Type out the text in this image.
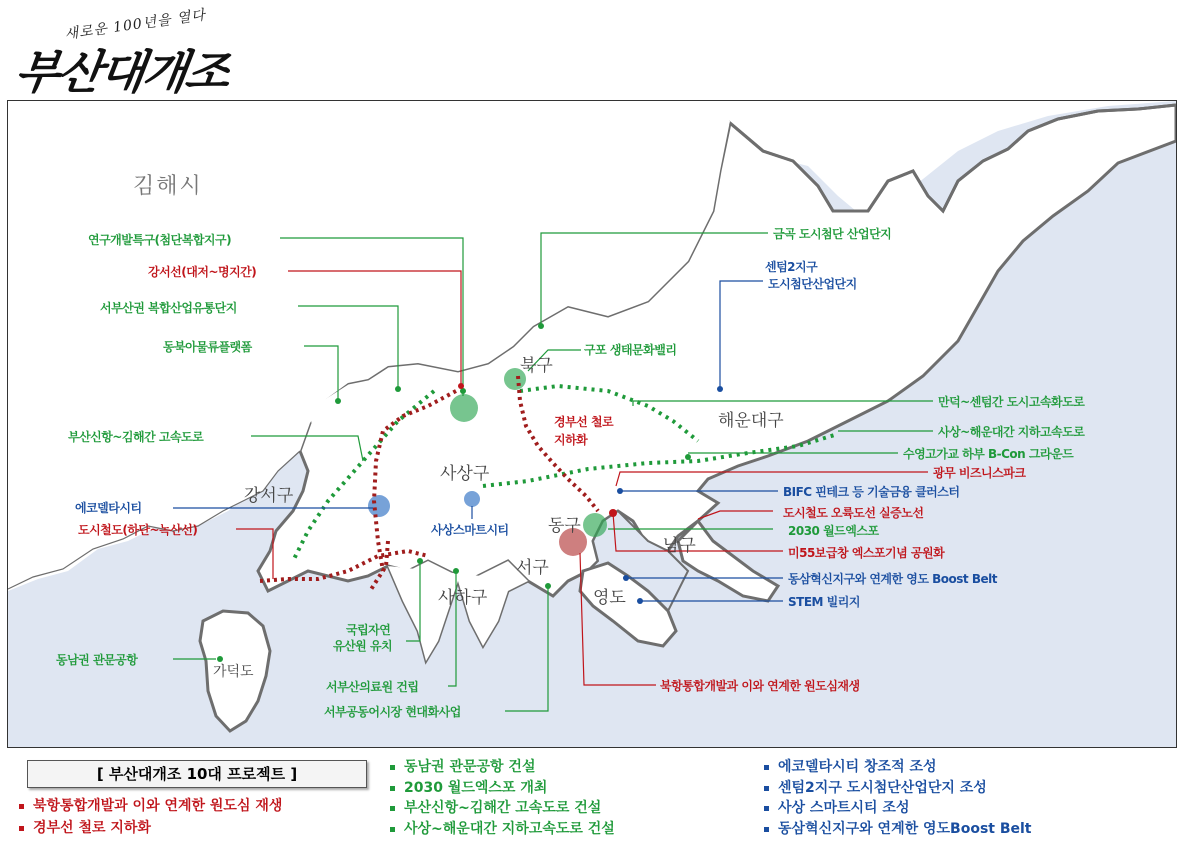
새로운 100년을 열다
부산대개조
김해시
북구
해운대구
사상구
강서구
동구
남구
서구
사하구	영도
가덕도
연구개발특구(첨단복합지구)
강서선(대저~명지간)
서부산권 복합산업유통단지
동북아물류플랫폼
부산신항~김해간 고속도로
에코델타시티
도시철도(하단~녹산선)
동남권 관문공항
금곡 도시첨단 산업단지
센텀2지구
도시첨단산업단지
구포 생태문화밸리
경부선 철로
지하화
만덕~센텀간 도시고속화도로
사상~해운대간 지하고속도로
수영고가교 하부 B-Con 그라운드
광무 비즈니스파크
BIFC 핀테크 등 기술금융 클러스터
도시철도 오륙도선 실증노선
2030 월드엑스포
미55보급창 엑스포기념 공원화
동삼혁신지구와 연계한 영도 Boost Belt
STEM 빌리지
사상스마트시티
국립자연
유산원 유치
서부산의료원 건립
서부공동어시장 현대화사업
북항통합개발과 이와 연계한 원도심재생
[ 부산대개조 10대 프로젝트 ]
북항통합개발과 이와 연계한 원도심 재생
경부선 철로 지하화
동남권 관문공항 건설
2030 월드엑스포 개최
부산신항~김해간 고속도로 건설
사상~해운대간 지하고속도로 건설
에코델타시티 창조적 조성
센텀2지구 도시첨단산업단지 조성
사상 스마트시티 조성
동삼혁신지구와 연계한 영도Boost Belt
